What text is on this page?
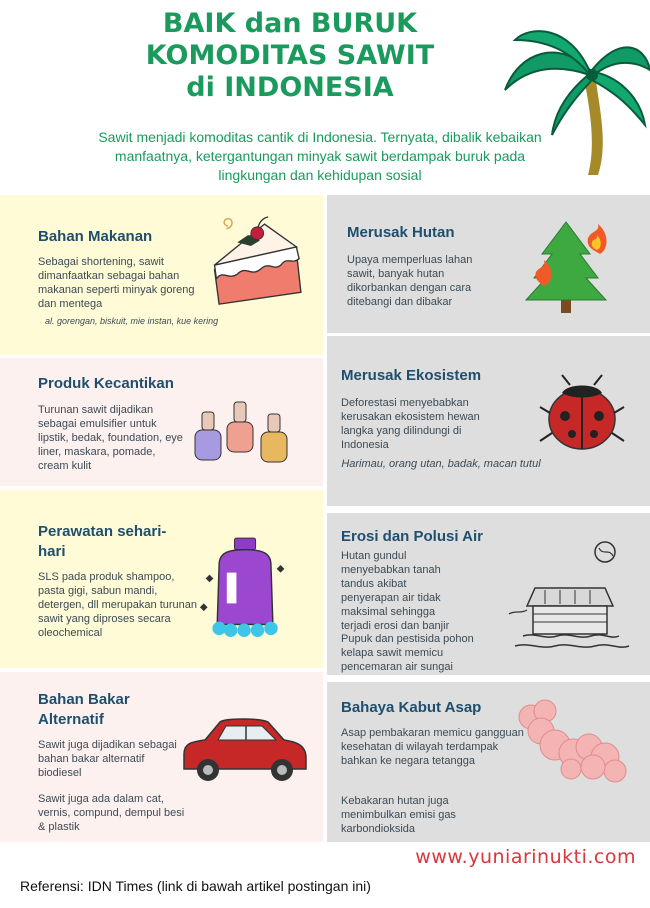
BAIK dan BURUK
KOMODITAS SAWIT
di INDONESIA
Sawit menjadi komoditas cantik di Indonesia. Ternyata, dibalik kebaikan manfaatnya, ketergantungan minyak sawit berdampak buruk pada lingkungan dan kehidupan sosial
Bahan Makanan
Sebagai shortening, sawit dimanfaatkan sebagai bahan makanan seperti minyak goreng dan mentega
al. gorengan, biskuit, mie instan, kue kering
Produk Kecantikan
Turunan sawit dijadikan sebagai emulsifier untuk lipstik, bedak, foundation, eye liner, maskara, pomade, cream kulit
Perawatan sehari-hari
SLS pada produk shampoo, pasta gigi, sabun mandi, detergen, dll merupakan turunan sawit yang diproses secara oleochemical
Bahan Bakar Alternatif
Sawit juga dijadikan sebagai bahan bakar alternatif biodiesel
Sawit juga ada dalam cat, vernis, compund, dempul besi & plastik
Merusak Hutan
Upaya memperluas lahan sawit, banyak hutan dikorbankan dengan cara ditebangi dan dibakar
Merusak Ekosistem
Deforestasi menyebabkan kerusakan ekosistem hewan langka yang dilindungi di Indonesia
Harimau, orang utan, badak, macan tutul
Erosi dan Polusi Air
Hutan gundul menyebabkan tanah tandus akibat penyerapan air tidak maksimal sehingga terjadi erosi dan banjir
Pupuk dan pestisida pohon kelapa sawit memicu pencemaran air sungai
Bahaya Kabut Asap
Asap pembakaran memicu gangguan kesehatan di wilayah terdampak bahkan ke negara tetangga
Kebakaran hutan juga menimbulkan emisi gas karbondioksida
www.yuniarinukti.com
Referensi: IDN Times (link di bawah artikel postingan ini)
